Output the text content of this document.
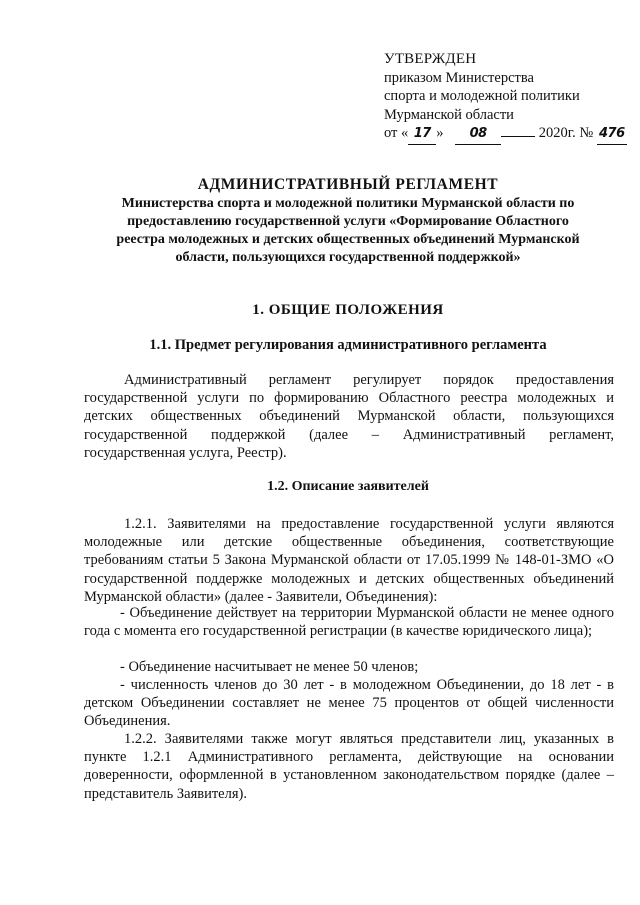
УТВЕРЖДЕН
приказом Министерства
спорта и молодежной политики
Мурманской области
от « 17 » 08	2020г. № 476
АДМИНИСТРАТИВНЫЙ РЕГЛАМЕНТ
Министерства спорта и молодежной политики Мурманской области по
предоставлению государственной услуги «Формирование Областного
реестра молодежных и детских общественных объединений Мурманской
области, пользующихся государственной поддержкой»
1. ОБЩИЕ ПОЛОЖЕНИЯ
1.1. Предмет регулирования административного регламента
Административный регламент регулирует порядок предоставления государственной услуги по формированию Областного реестра молодежных и детских общественных объединений Мурманской области, пользующихся государственной поддержкой (далее – Административный регламент, государственная услуга, Реестр).
1.2. Описание заявителей
1.2.1. Заявителями на предоставление государственной услуги являются молодежные или детские общественные объединения, соответствующие требованиям статьи 5 Закона Мурманской области от 17.05.1999 № 148-01-ЗМО «О государственной поддержке молодежных и детских общественных объединений Мурманской области» (далее - Заявители, Объединения):
- Объединение действует на территории Мурманской области не менее одного года с момента его государственной регистрации (в качестве юридического лица);
- Объединение насчитывает не менее 50 членов;
- численность членов до 30 лет - в молодежном Объединении, до 18 лет - в детском Объединении составляет не менее 75 процентов от общей численности Объединения.
1.2.2. Заявителями также могут являться представители лиц, указанных в пункте 1.2.1 Административного регламента, действующие на основании доверенности, оформленной в установленном законодательством порядке (далее – представитель Заявителя).
